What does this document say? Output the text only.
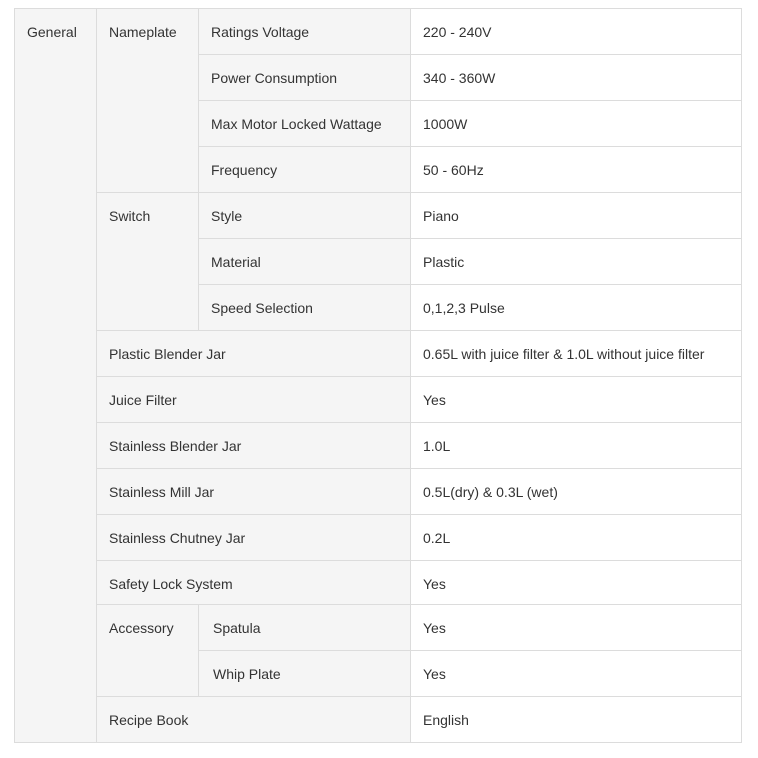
General	Nameplate	Ratings Voltage	220 - 240V
		Power Consumption	340 - 360W
		Max Motor Locked Wattage	1000W
		Frequency	50 - 60Hz
	Switch	Style	Piano
		Material	Plastic
		Speed Selection	0,1,2,3 Pulse
	Plastic Blender Jar		0.65L with juice filter & 1.0L without juice filter
	Juice Filter		Yes
	Stainless Blender Jar		1.0L
	Stainless Mill Jar		0.5L(dry) & 0.3L (wet)
	Stainless Chutney Jar		0.2L
	Safety Lock System		Yes
	Accessory	Spatula	Yes
		Whip Plate	Yes
	Recipe Book		English
